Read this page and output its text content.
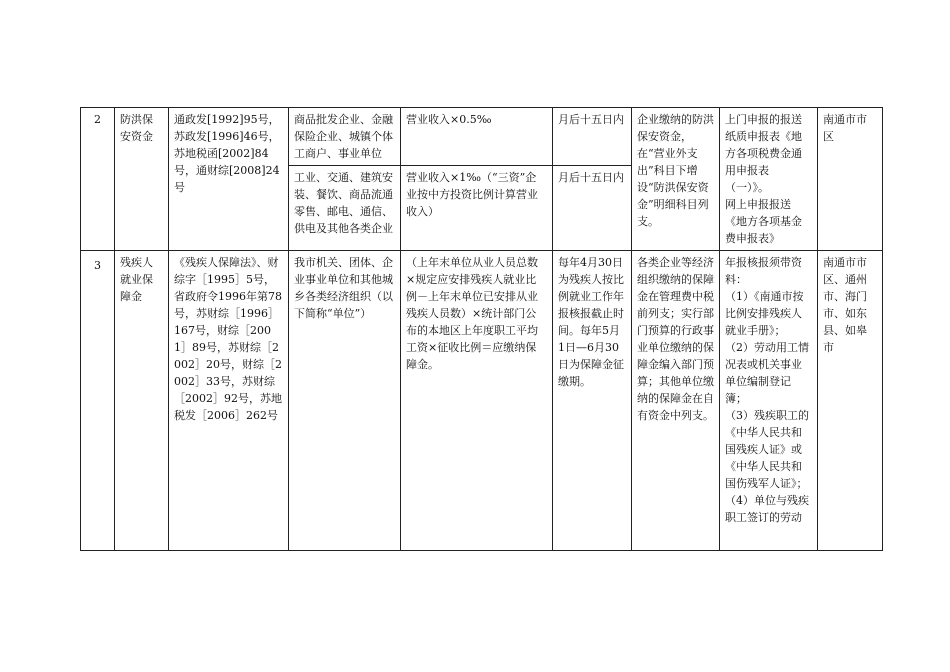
2	防洪保安资金	通政发[1992]95号，苏政发[1996]46号，苏地税函[2002]84号，通财综[2008]24号	商品批发企业、金融保险企业、城镇个体工商户、事业单位	营业收入×0.5‰	月后十五日内	企业缴纳的防洪保安资金，在“营业外支出”科目下增设“防洪保安资金”明细科目列支。	上门申报的报送纸质申报表《地方各项税费金通用申报表（一）》。
网上申报报送《地方各项基金费申报表》	南通市市区
			工业、交通、建筑安装、餐饮、商品流通零售、邮电、通信、供电及其他各类企业	营业收入×1‰（“三资”企业按中方投资比例计算营业收入）	月后十五日内			
3	残疾人就业保障金	《残疾人保障法》、财综字［1995］5号，省政府令1996年第78号，苏财综［1996］167号，财综［2001］89号，苏财综［2002］20号，财综［2002］33号，苏财综［2002］92号，苏地税发［2006］262号	我市机关、团体、企业事业单位和其他城乡各类经济组织（以下简称“单位”）	（上年末单位从业人员总数×规定应安排残疾人就业比例－上年末单位已安排从业残疾人员数）×统计部门公布的本地区上年度职工平均工资×征收比例＝应缴纳保障金。	每年4月30日为残疾人按比例就业工作年报核报截止时间。每年5月1日—6月30日为保障金征缴期。	各类企业等经济组织缴纳的保障金在管理费中税前列支；实行部门预算的行政事业单位缴纳的保障金编入部门预算；其他单位缴纳的保障金在自有资金中列支。	年报核报须带资料：
（1）《南通市按比例安排残疾人就业手册》；
（2）劳动用工情况表或机关事业单位编制登记簿；
（3）残疾职工的《中华人民共和国残疾人证》或《中华人民共和国伤残军人证》；
（4）单位与残疾职工签订的劳动	南通市市区、通州市、海门市、如东县、如皋市
